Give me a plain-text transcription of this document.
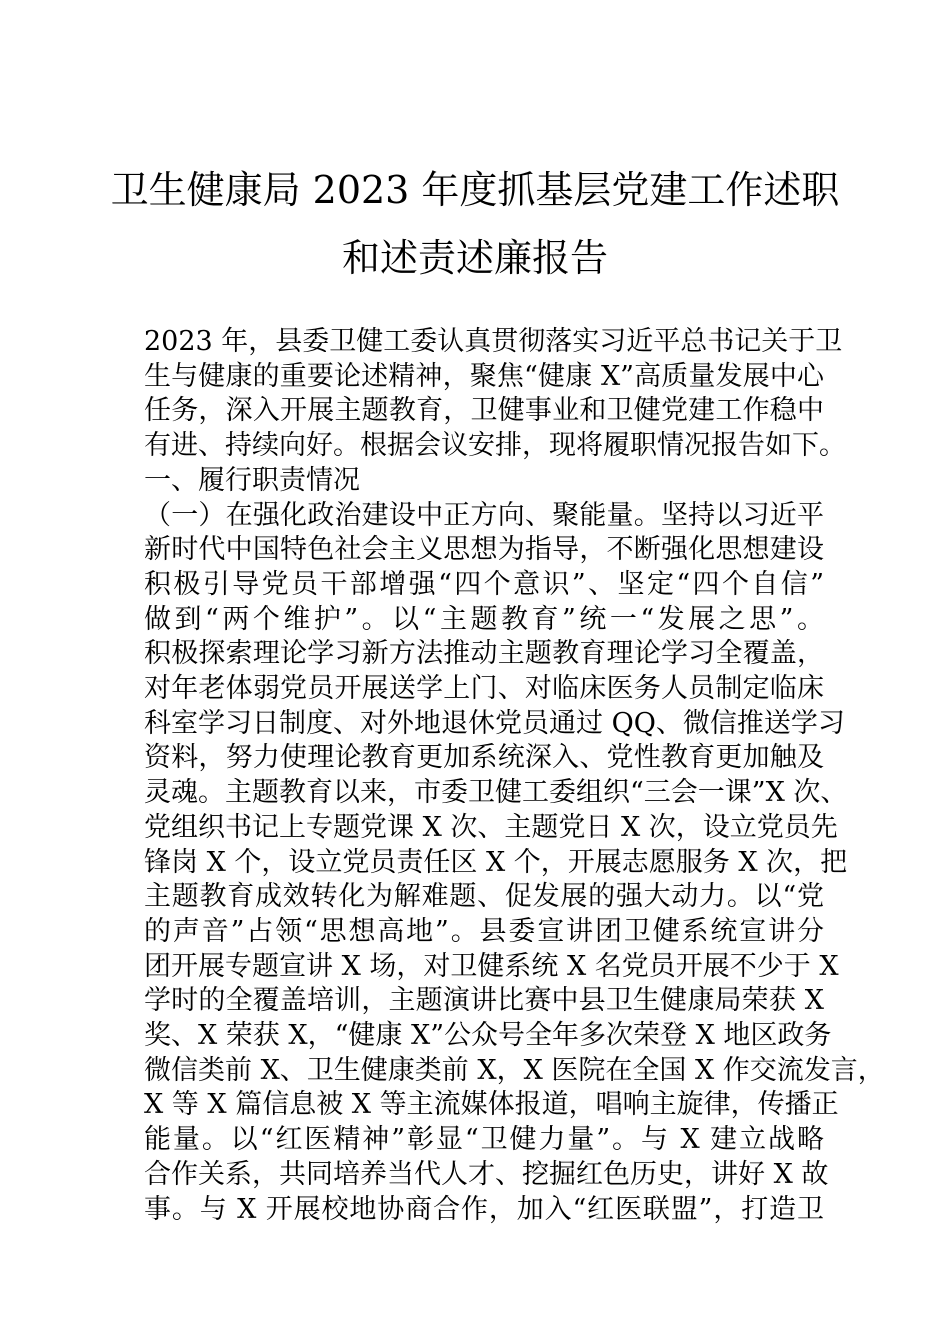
卫生健康局 2023 年度抓基层党建工作述职
和述责述廉报告
2023 年，县委卫健工委认真贯彻落实习近平总书记关于卫
生与健康的重要论述精神，聚焦“健康 X”高质量发展中心
任务，深入开展主题教育，卫健事业和卫健党建工作稳中
有进、持续向好。根据会议安排，现将履职情况报告如下。
一、履行职责情况
（一）在强化政治建设中正方向、聚能量。坚持以习近平
新时代中国特色社会主义思想为指导，不断强化思想建设
积极引导党员干部增强“四个意识”、坚定“四个自信”
做到“两个维护”。以“主题教育”统一“发展之思”。
积极探索理论学习新方法推动主题教育理论学习全覆盖，
对年老体弱党员开展送学上门、对临床医务人员制定临床
科室学习日制度、对外地退休党员通过 QQ、微信推送学习
资料，努力使理论教育更加系统深入、党性教育更加触及
灵魂。主题教育以来，市委卫健工委组织“三会一课”X 次、
党组织书记上专题党课 X 次、主题党日 X 次，设立党员先
锋岗 X 个，设立党员责任区 X 个，开展志愿服务 X 次，把
主题教育成效转化为解难题、促发展的强大动力。以“党
的声音”占领“思想高地”。县委宣讲团卫健系统宣讲分
团开展专题宣讲 X 场，对卫健系统 X 名党员开展不少于 X
学时的全覆盖培训，主题演讲比赛中县卫生健康局荣获 X
奖、X 荣获 X，“健康 X”公众号全年多次荣登 X 地区政务
微信类前 X、卫生健康类前 X，X 医院在全国 X 作交流发言，
X 等 X 篇信息被 X 等主流媒体报道，唱响主旋律，传播正
能量。以“红医精神”彰显“卫健力量”。与 X 建立战略
合作关系，共同培养当代人才、挖掘红色历史，讲好 X 故
事。与 X 开展校地协商合作，加入“红医联盟”，打造卫
